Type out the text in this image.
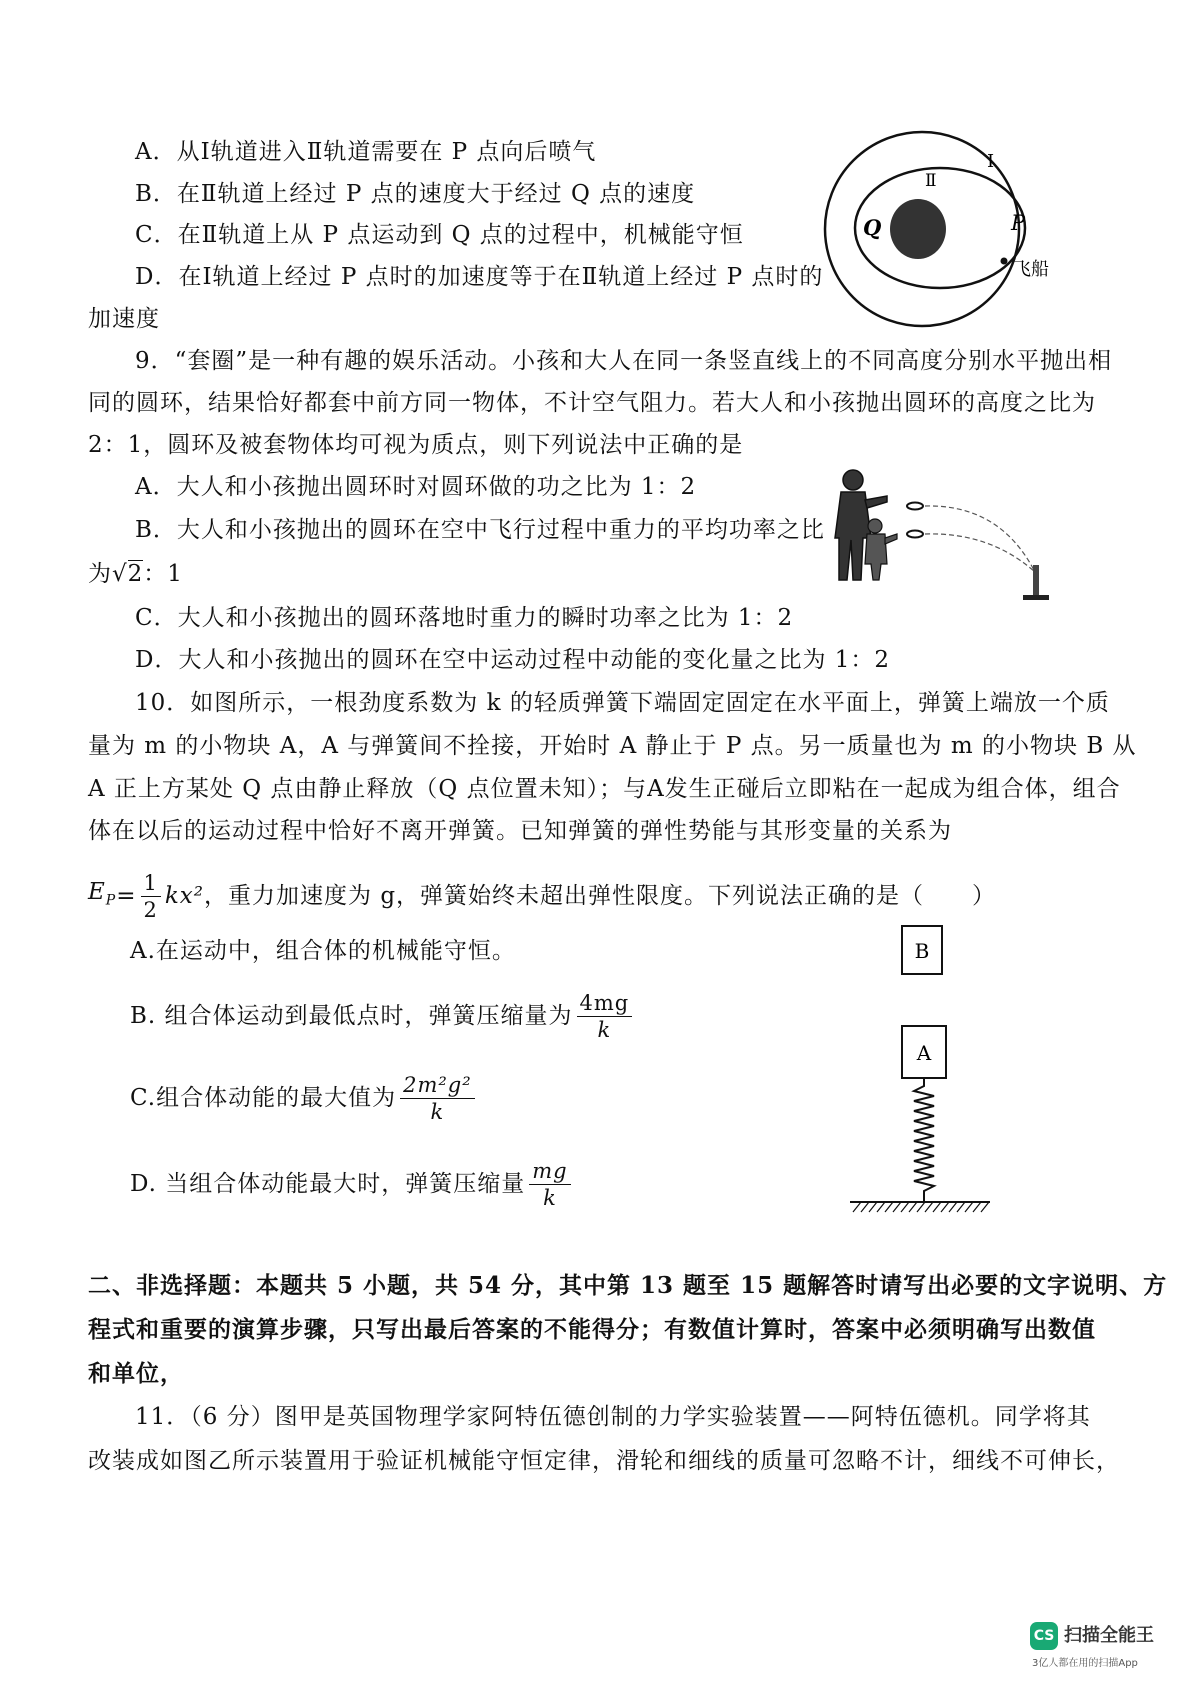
A．从Ⅰ轨道进入Ⅱ轨道需要在 P 点向后喷气
B．在Ⅱ轨道上经过 P 点的速度大于经过 Q 点的速度
C．在Ⅱ轨道上从 P 点运动到 Q 点的过程中，机械能守恒
D．在Ⅰ轨道上经过 P 点时的加速度等于在Ⅱ轨道上经过 P 点时的
加速度
Ⅰ
Ⅱ
Q	P
飞船
9．“套圈”是一种有趣的娱乐活动。小孩和大人在同一条竖直线上的不同高度分别水平抛出相
同的圆环，结果恰好都套中前方同一物体，不计空气阻力。若大人和小孩抛出圆环的高度之比为
2：1，圆环及被套物体均可视为质点，则下列说法中正确的是
A．大人和小孩抛出圆环时对圆环做的功之比为 1：2
B．大人和小孩抛出的圆环在空中飞行过程中重力的平均功率之比
为√2：1
C．大人和小孩抛出的圆环落地时重力的瞬时功率之比为 1：2
D．大人和小孩抛出的圆环在空中运动过程中动能的变化量之比为 1：2
10．如图所示，一根劲度系数为 k 的轻质弹簧下端固定固定在水平面上，弹簧上端放一个质
量为 m 的小物块 A，A 与弹簧间不拴接，开始时 A 静止于 P 点。另一质量也为 m 的小物块 B 从
A 正上方某处 Q 点由静止释放（Q 点位置未知）；与A发生正碰后立即粘在一起成为组合体，组合
体在以后的运动过程中恰好不离开弹簧。已知弹簧的弹性势能与其形变量的关系为
$E_P = \frac{1}{2} kx^2$ ，重力加速度为 g，弹簧始终未超出弹性限度。下列说法正确的是（　　）
A.在运动中，组合体的机械能守恒。
B. 组合体运动到最低点时，弹簧压缩量为 $\frac{4mg}{k}$
C.组合体动能的最大值为 $\frac{\text{2m²g²}}{k}$
D. 当组合体动能最大时，弹簧压缩量 $\frac{mg}{k}$
B
A
二、非选择题：本题共 5 小题，共 54 分，其中第 13 题至 15 题解答时请写出必要的文字说明、方
程式和重要的演算步骤，只写出最后答案的不能得分；有数值计算时，答案中必须明确写出数值
和单位，
11．（6 分）图甲是英国物理学家阿特伍德创制的力学实验装置——阿特伍德机。同学将其
改装成如图乙所示装置用于验证机械能守恒定律，滑轮和细线的质量可忽略不计，细线不可伸长，
CS 扫描全能王
3亿人都在用的扫描App
